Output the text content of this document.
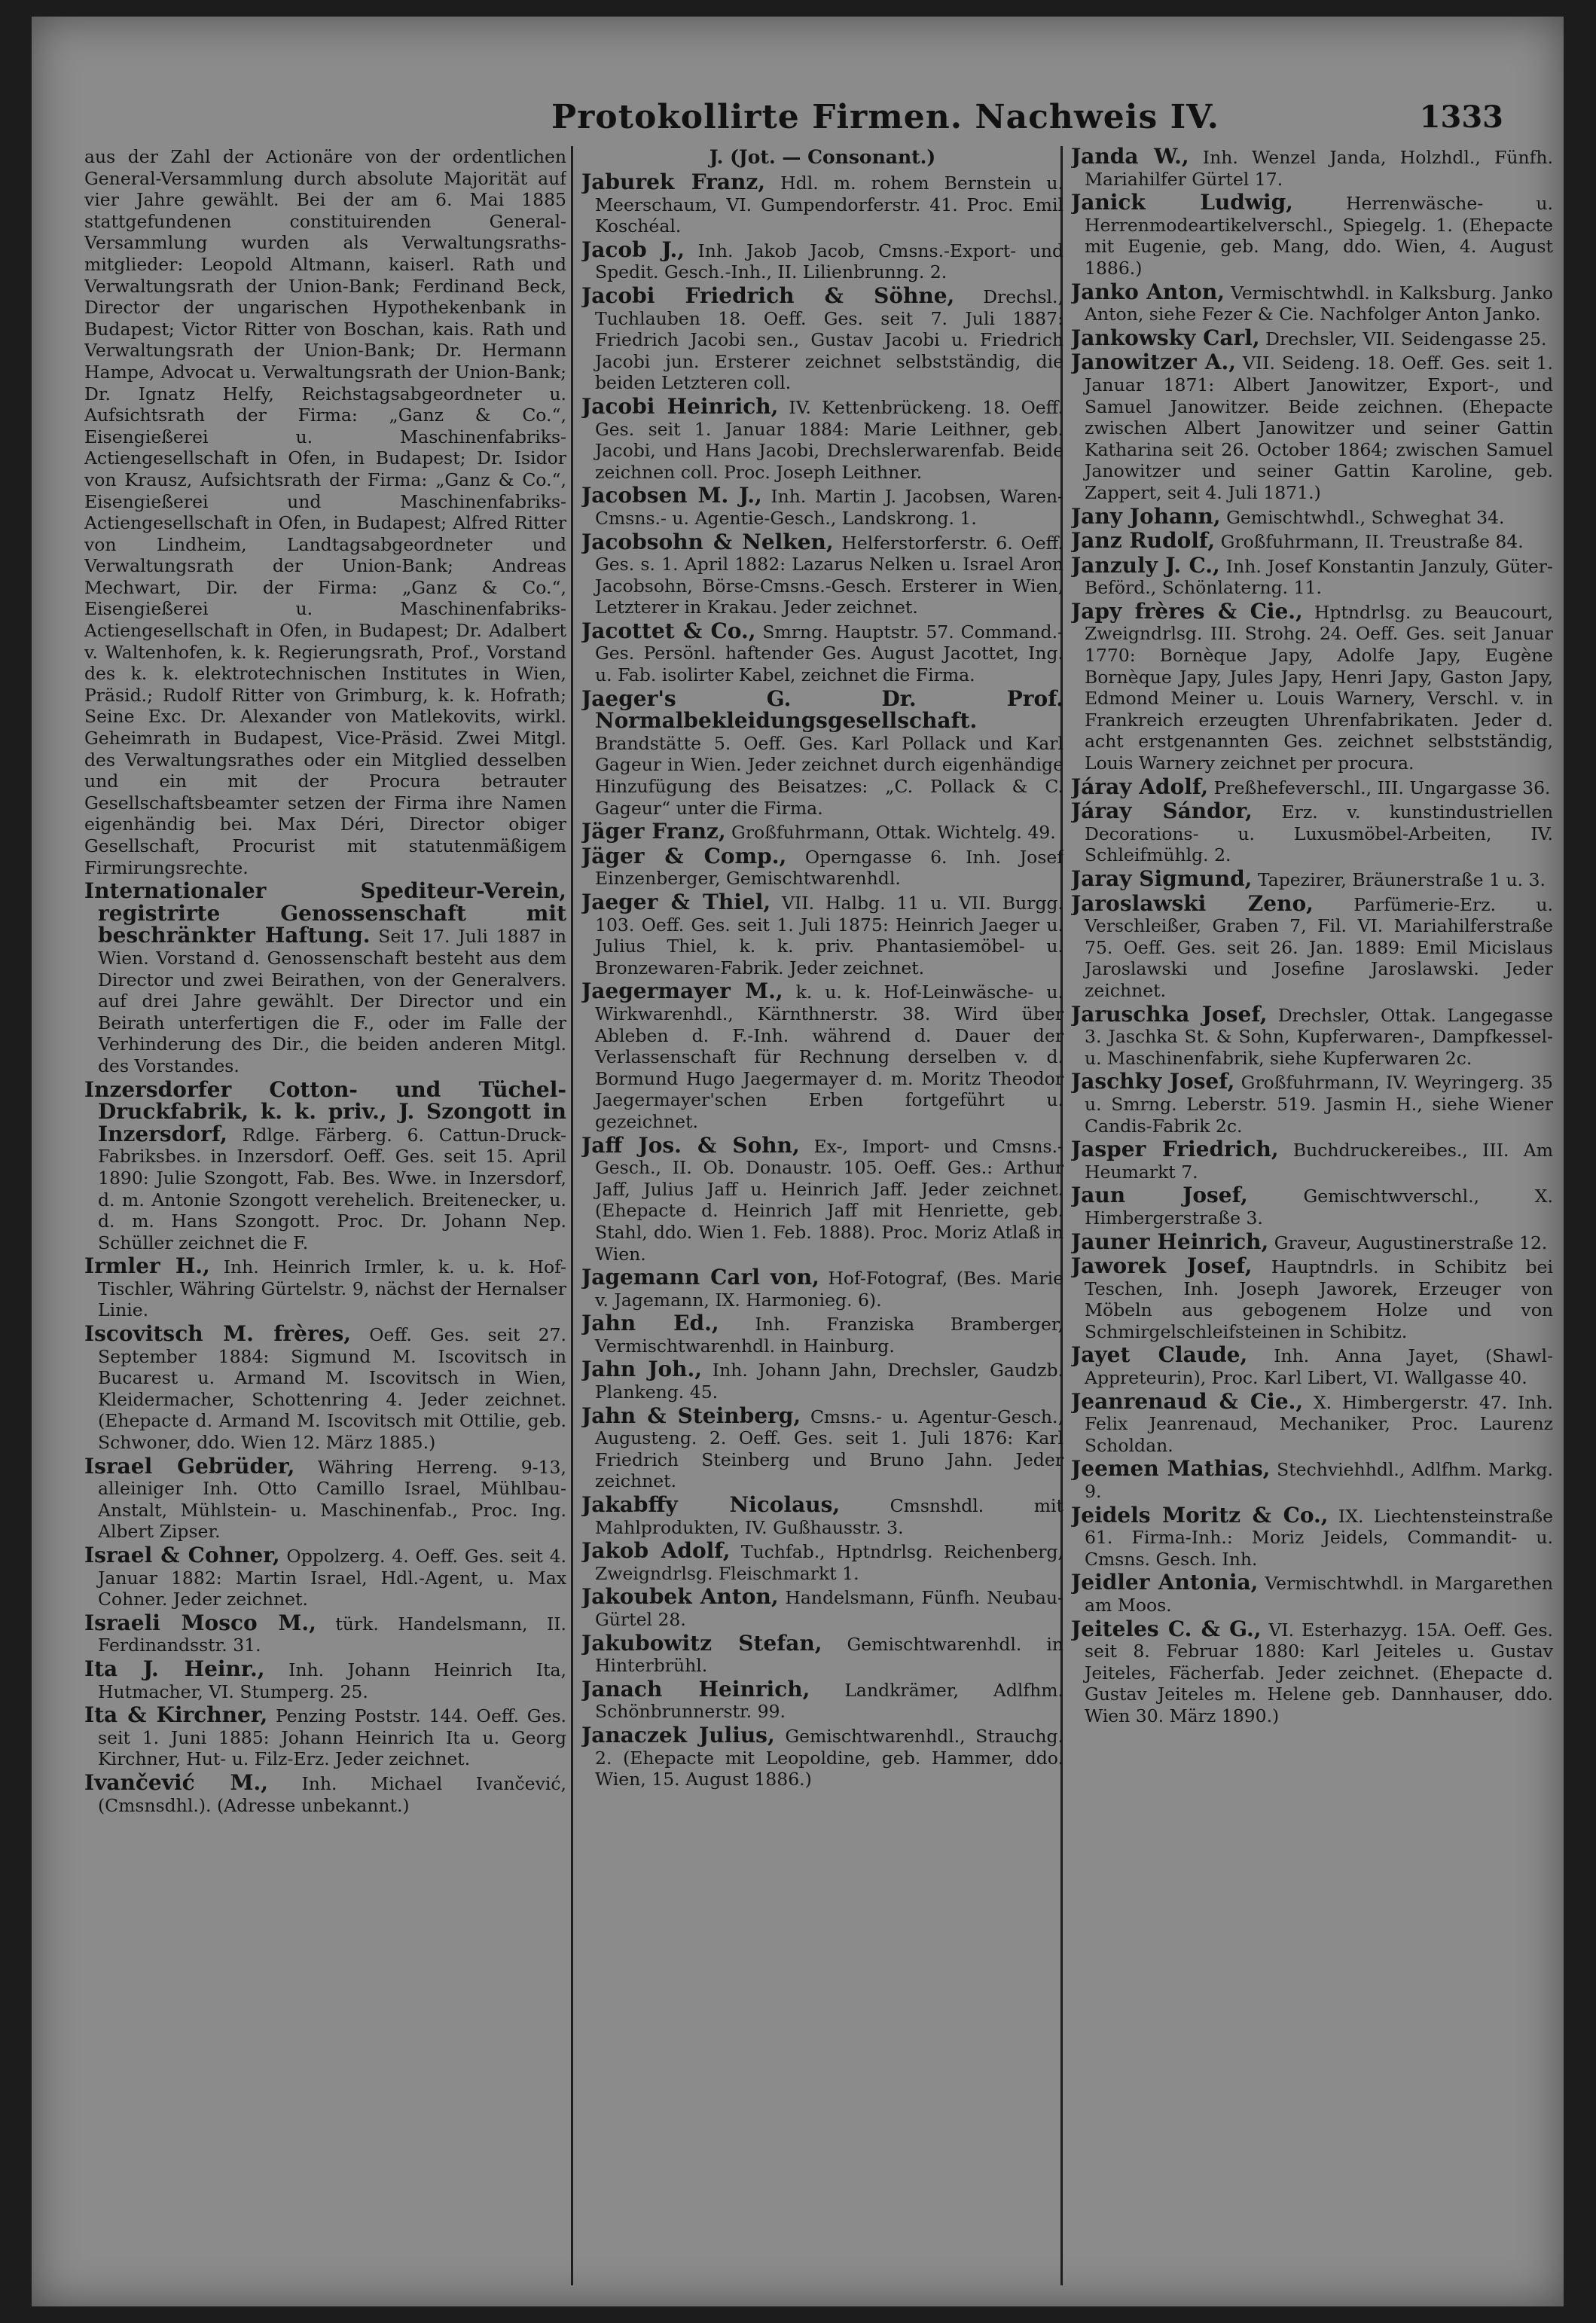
Protokollirte Firmen. Nachweis IV.	1333

aus der Zahl der Actionäre von der ordentlichen General-Versammlung durch absolute Majorität auf vier Jahre gewählt. Bei der am 6. Mai 1885 stattgefundenen constituirenden General-Versammlung wurden als Verwaltungsraths-mitglieder: Leopold Altmann, kaiserl. Rath und Verwaltungsrath der Union-Bank; Ferdinand Beck, Director der ungarischen Hypothekenbank in Budapest; Victor Ritter von Boschan, kais. Rath und Verwaltungsrath der Union-Bank; Dr. Hermann Hampe, Advocat u. Verwaltungsrath der Union-Bank; Dr. Ignatz Helfy, Reichstagsabgeordneter u. Aufsichtsrath der Firma: „Ganz & Co.“, Eisengießerei u. Maschinenfabriks-Actiengesellschaft in Ofen, in Budapest; Dr. Isidor von Krausz, Aufsichtsrath der Firma: „Ganz & Co.“, Eisengießerei und Maschinenfabriks-Actiengesellschaft in Ofen, in Budapest; Alfred Ritter von Lindheim, Landtagsabgeordneter und Verwaltungsrath der Union-Bank; Andreas Mechwart, Dir. der Firma: „Ganz & Co.“, Eisengießerei u. Maschinenfabriks-Actiengesellschaft in Ofen, in Budapest; Dr. Adalbert v. Waltenhofen, k. k. Regierungsrath, Prof., Vorstand des k. k. elektrotechnischen Institutes in Wien, Präsid.; Rudolf Ritter von Grimburg, k. k. Hofrath; Seine Exc. Dr. Alexander von Matlekovits, wirkl. Geheimrath in Budapest, Vice-Präsid. Zwei Mitgl. des Verwaltungsrathes oder ein Mitglied desselben und ein mit der Procura betrauter Gesellschaftsbeamter setzen der Firma ihre Namen eigenhändig bei. Max Déri, Director obiger Gesellschaft, Procurist mit statutenmäßigem Firmirungsrechte.

Internationaler Spediteur-Verein, registrirte Genossenschaft mit beschränkter Haftung. Seit 17. Juli 1887 in Wien. Vorstand d. Genossenschaft besteht aus dem Director und zwei Beirathen, von der Generalvers. auf drei Jahre gewählt. Der Director und ein Beirath unterfertigen die F., oder im Falle der Verhinderung des Dir., die beiden anderen Mitgl. des Vorstandes.

Inzersdorfer Cotton- und Tüchel-Druckfabrik, k. k. priv., J. Szongott in Inzersdorf, Rdlge. Färberg. 6. Cattun-Druck-Fabriksbes. in Inzersdorf. Oeff. Ges. seit 15. April 1890: Julie Szongott, Fab. Bes. Wwe. in Inzersdorf, d. m. Antonie Szongott verehelich. Breitenecker, u. d. m. Hans Szongott. Proc. Dr. Johann Nep. Schüller zeichnet die F.

Irmler H., Inh. Heinrich Irmler, k. u. k. Hof-Tischler, Währing Gürtelstr. 9, nächst der Hernalser Linie.

Iscovitsch M. frères, Oeff. Ges. seit 27. September 1884: Sigmund M. Iscovitsch in Bucarest u. Armand M. Iscovitsch in Wien, Kleidermacher, Schottenring 4. Jeder zeichnet. (Ehepacte d. Armand M. Iscovitsch mit Ottilie, geb. Schwoner, ddo. Wien 12. März 1885.)

Israel Gebrüder, Währing Herreng. 9-13, alleiniger Inh. Otto Camillo Israel, Mühlbau-Anstalt, Mühlstein- u. Maschinenfab., Proc. Ing. Albert Zipser.

Israel & Cohner, Oppolzerg. 4. Oeff. Ges. seit 4. Januar 1882: Martin Israel, Hdl.-Agent, u. Max Cohner. Jeder zeichnet.

Israeli Mosco M., türk. Handelsmann, II. Ferdinandsstr. 31.

Ita J. Heinr., Inh. Johann Heinrich Ita, Hutmacher, VI. Stumperg. 25.

Ita & Kirchner, Penzing Poststr. 144. Oeff. Ges. seit 1. Juni 1885: Johann Heinrich Ita u. Georg Kirchner, Hut- u. Filz-Erz. Jeder zeichnet.

Ivančević M., Inh. Michael Ivančević, (Cmsnsdhl.). (Adresse unbekannt.)

J. (Jot. — Consonant.)

Jaburek Franz, Hdl. m. rohem Bernstein u. Meerschaum, VI. Gumpendorferstr. 41. Proc. Emil Koschéal.

Jacob J., Inh. Jakob Jacob, Cmsns.-Export- und Spedit. Gesch.-Inh., II. Lilienbrunng. 2.

Jacobi Friedrich & Söhne, Drechsl., Tuchlauben 18. Oeff. Ges. seit 7. Juli 1887: Friedrich Jacobi sen., Gustav Jacobi u. Friedrich Jacobi jun. Ersterer zeichnet selbstständig, die beiden Letzteren coll.

Jacobi Heinrich, IV. Kettenbrückeng. 18. Oeff. Ges. seit 1. Januar 1884: Marie Leithner, geb. Jacobi, und Hans Jacobi, Drechslerwarenfab. Beide zeichnen coll. Proc. Joseph Leithner.

Jacobsen M. J., Inh. Martin J. Jacobsen, Waren-Cmsns.- u. Agentie-Gesch., Landskrong. 1.

Jacobsohn & Nelken, Helferstorferstr. 6. Oeff. Ges. s. 1. April 1882: Lazarus Nelken u. Israel Aron Jacobsohn, Börse-Cmsns.-Gesch. Ersterer in Wien, Letzterer in Krakau. Jeder zeichnet.

Jacottet & Co., Smrng. Hauptstr. 57. Command.-Ges. Persönl. haftender Ges. August Jacottet, Ing. u. Fab. isolirter Kabel, zeichnet die Firma.

Jaeger's G. Dr. Prof. Normalbekleidungsgesellschaft. Brandstätte 5. Oeff. Ges. Karl Pollack und Karl Gageur in Wien. Jeder zeichnet durch eigenhändige Hinzufügung des Beisatzes: „C. Pollack & C. Gageur“ unter die Firma.

Jäger Franz, Großfuhrmann, Ottak. Wichtelg. 49.

Jäger & Comp., Operngasse 6. Inh. Josef Einzenberger, Gemischtwarenhdl.

Jaeger & Thiel, VII. Halbg. 11 u. VII. Burgg. 103. Oeff. Ges. seit 1. Juli 1875: Heinrich Jaeger u. Julius Thiel, k. k. priv. Phantasiemöbel- u. Bronzewaren-Fabrik. Jeder zeichnet.

Jaegermayer M., k. u. k. Hof-Leinwäsche- u. Wirkwarenhdl., Kärnthnerstr. 38. Wird über Ableben d. F.-Inh. während d. Dauer der Verlassenschaft für Rechnung derselben v. d. Bormund Hugo Jaegermayer d. m. Moritz Theodor Jaegermayer'schen Erben fortgeführt u. gezeichnet.

Jaff Jos. & Sohn, Ex-, Import- und Cmsns.-Gesch., II. Ob. Donaustr. 105. Oeff. Ges.: Arthur Jaff, Julius Jaff u. Heinrich Jaff. Jeder zeichnet. (Ehepacte d. Heinrich Jaff mit Henriette, geb. Stahl, ddo. Wien 1. Feb. 1888). Proc. Moriz Atlaß in Wien.

Jagemann Carl von, Hof-Fotograf, (Bes. Marie v. Jagemann, IX. Harmonieg. 6).

Jahn Ed., Inh. Franziska Bramberger, Vermischtwarenhdl. in Hainburg.

Jahn Joh., Inh. Johann Jahn, Drechsler, Gaudzb. Plankeng. 45.

Jahn & Steinberg, Cmsns.- u. Agentur-Gesch., Augusteng. 2. Oeff. Ges. seit 1. Juli 1876: Karl Friedrich Steinberg und Bruno Jahn. Jeder zeichnet.

Jakabffy Nicolaus, Cmsnshdl. mit Mahlprodukten, IV. Gußhausstr. 3.

Jakob Adolf, Tuchfab., Hptndrlsg. Reichenberg, Zweigndrlsg. Fleischmarkt 1.

Jakoubek Anton, Handelsmann, Fünfh. Neubau-Gürtel 28.

Jakubowitz Stefan, Gemischtwarenhdl. in Hinterbrühl.

Janach Heinrich, Landkrämer, Adlfhm. Schönbrunnerstr. 99.

Janaczek Julius, Gemischtwarenhdl., Strauchg. 2. (Ehepacte mit Leopoldine, geb. Hammer, ddo. Wien, 15. August 1886.)

Janda W., Inh. Wenzel Janda, Holzhdl., Fünfh. Mariahilfer Gürtel 17.

Janick Ludwig, Herrenwäsche- u. Herrenmodeartikelverschl., Spiegelg. 1. (Ehepacte mit Eugenie, geb. Mang, ddo. Wien, 4. August 1886.)

Janko Anton, Vermischtwhdl. in Kalksburg. Janko Anton, siehe Fezer & Cie. Nachfolger Anton Janko.

Jankowsky Carl, Drechsler, VII. Seidengasse 25.

Janowitzer A., VII. Seideng. 18. Oeff. Ges. seit 1. Januar 1871: Albert Janowitzer, Export-, und Samuel Janowitzer. Beide zeichnen. (Ehepacte zwischen Albert Janowitzer und seiner Gattin Katharina seit 26. October 1864; zwischen Samuel Janowitzer und seiner Gattin Karoline, geb. Zappert, seit 4. Juli 1871.)

Jany Johann, Gemischtwhdl., Schweghat 34.

Janz Rudolf, Großfuhrmann, II. Treustraße 84.

Janzuly J. C., Inh. Josef Konstantin Janzuly, Güter-Beförd., Schönlaterng. 11.

Japy frères & Cie., Hptndrlsg. zu Beaucourt, Zweigndrlsg. III. Strohg. 24. Oeff. Ges. seit Januar 1770: Bornèque Japy, Adolfe Japy, Eugène Bornèque Japy, Jules Japy, Henri Japy, Gaston Japy, Edmond Meiner u. Louis Warnery, Verschl. v. in Frankreich erzeugten Uhrenfabrikaten. Jeder d. acht erstgenannten Ges. zeichnet selbstständig, Louis Warnery zeichnet per procura.

Járay Adolf, Preßhefeverschl., III. Ungargasse 36.

Járay Sándor, Erz. v. kunstindustriellen Decorations- u. Luxusmöbel-Arbeiten, IV. Schleifmühlg. 2.

Jaray Sigmund, Tapezirer, Bräunerstraße 1 u. 3.

Jaroslawski Zeno, Parfümerie-Erz. u. Verschleißer, Graben 7, Fil. VI. Mariahilferstraße 75. Oeff. Ges. seit 26. Jan. 1889: Emil Micislaus Jaroslawski und Josefine Jaroslawski. Jeder zeichnet.

Jaruschka Josef, Drechsler, Ottak. Langegasse 3. Jaschka St. & Sohn, Kupferwaren-, Dampfkessel- u. Maschinenfabrik, siehe Kupferwaren 2c.

Jaschky Josef, Großfuhrmann, IV. Weyringerg. 35 u. Smrng. Leberstr. 519. Jasmin H., siehe Wiener Candis-Fabrik 2c.

Jasper Friedrich, Buchdruckereibes., III. Am Heumarkt 7.

Jaun Josef, Gemischtwverschl., X. Himbergerstraße 3.

Jauner Heinrich, Graveur, Augustinerstraße 12.

Jaworek Josef, Hauptndrls. in Schibitz bei Teschen, Inh. Joseph Jaworek, Erzeuger von Möbeln aus gebogenem Holze und von Schmirgelschleifsteinen in Schibitz.

Jayet Claude, Inh. Anna Jayet, (Shawl-Appreteurin), Proc. Karl Libert, VI. Wallgasse 40.

Jeanrenaud & Cie., X. Himbergerstr. 47. Inh. Felix Jeanrenaud, Mechaniker, Proc. Laurenz Scholdan.

Jeemen Mathias, Stechviehhdl., Adlfhm. Markg. 9.

Jeidels Moritz & Co., IX. Liechtensteinstraße 61. Firma-Inh.: Moriz Jeidels, Commandit- u. Cmsns. Gesch. Inh.

Jeidler Antonia, Vermischtwhdl. in Margarethen am Moos.

Jeiteles C. & G., VI. Esterhazyg. 15A. Oeff. Ges. seit 8. Februar 1880: Karl Jeiteles u. Gustav Jeiteles, Fächerfab. Jeder zeichnet. (Ehepacte d. Gustav Jeiteles m. Helene geb. Dannhauser, ddo. Wien 30. März 1890.)
